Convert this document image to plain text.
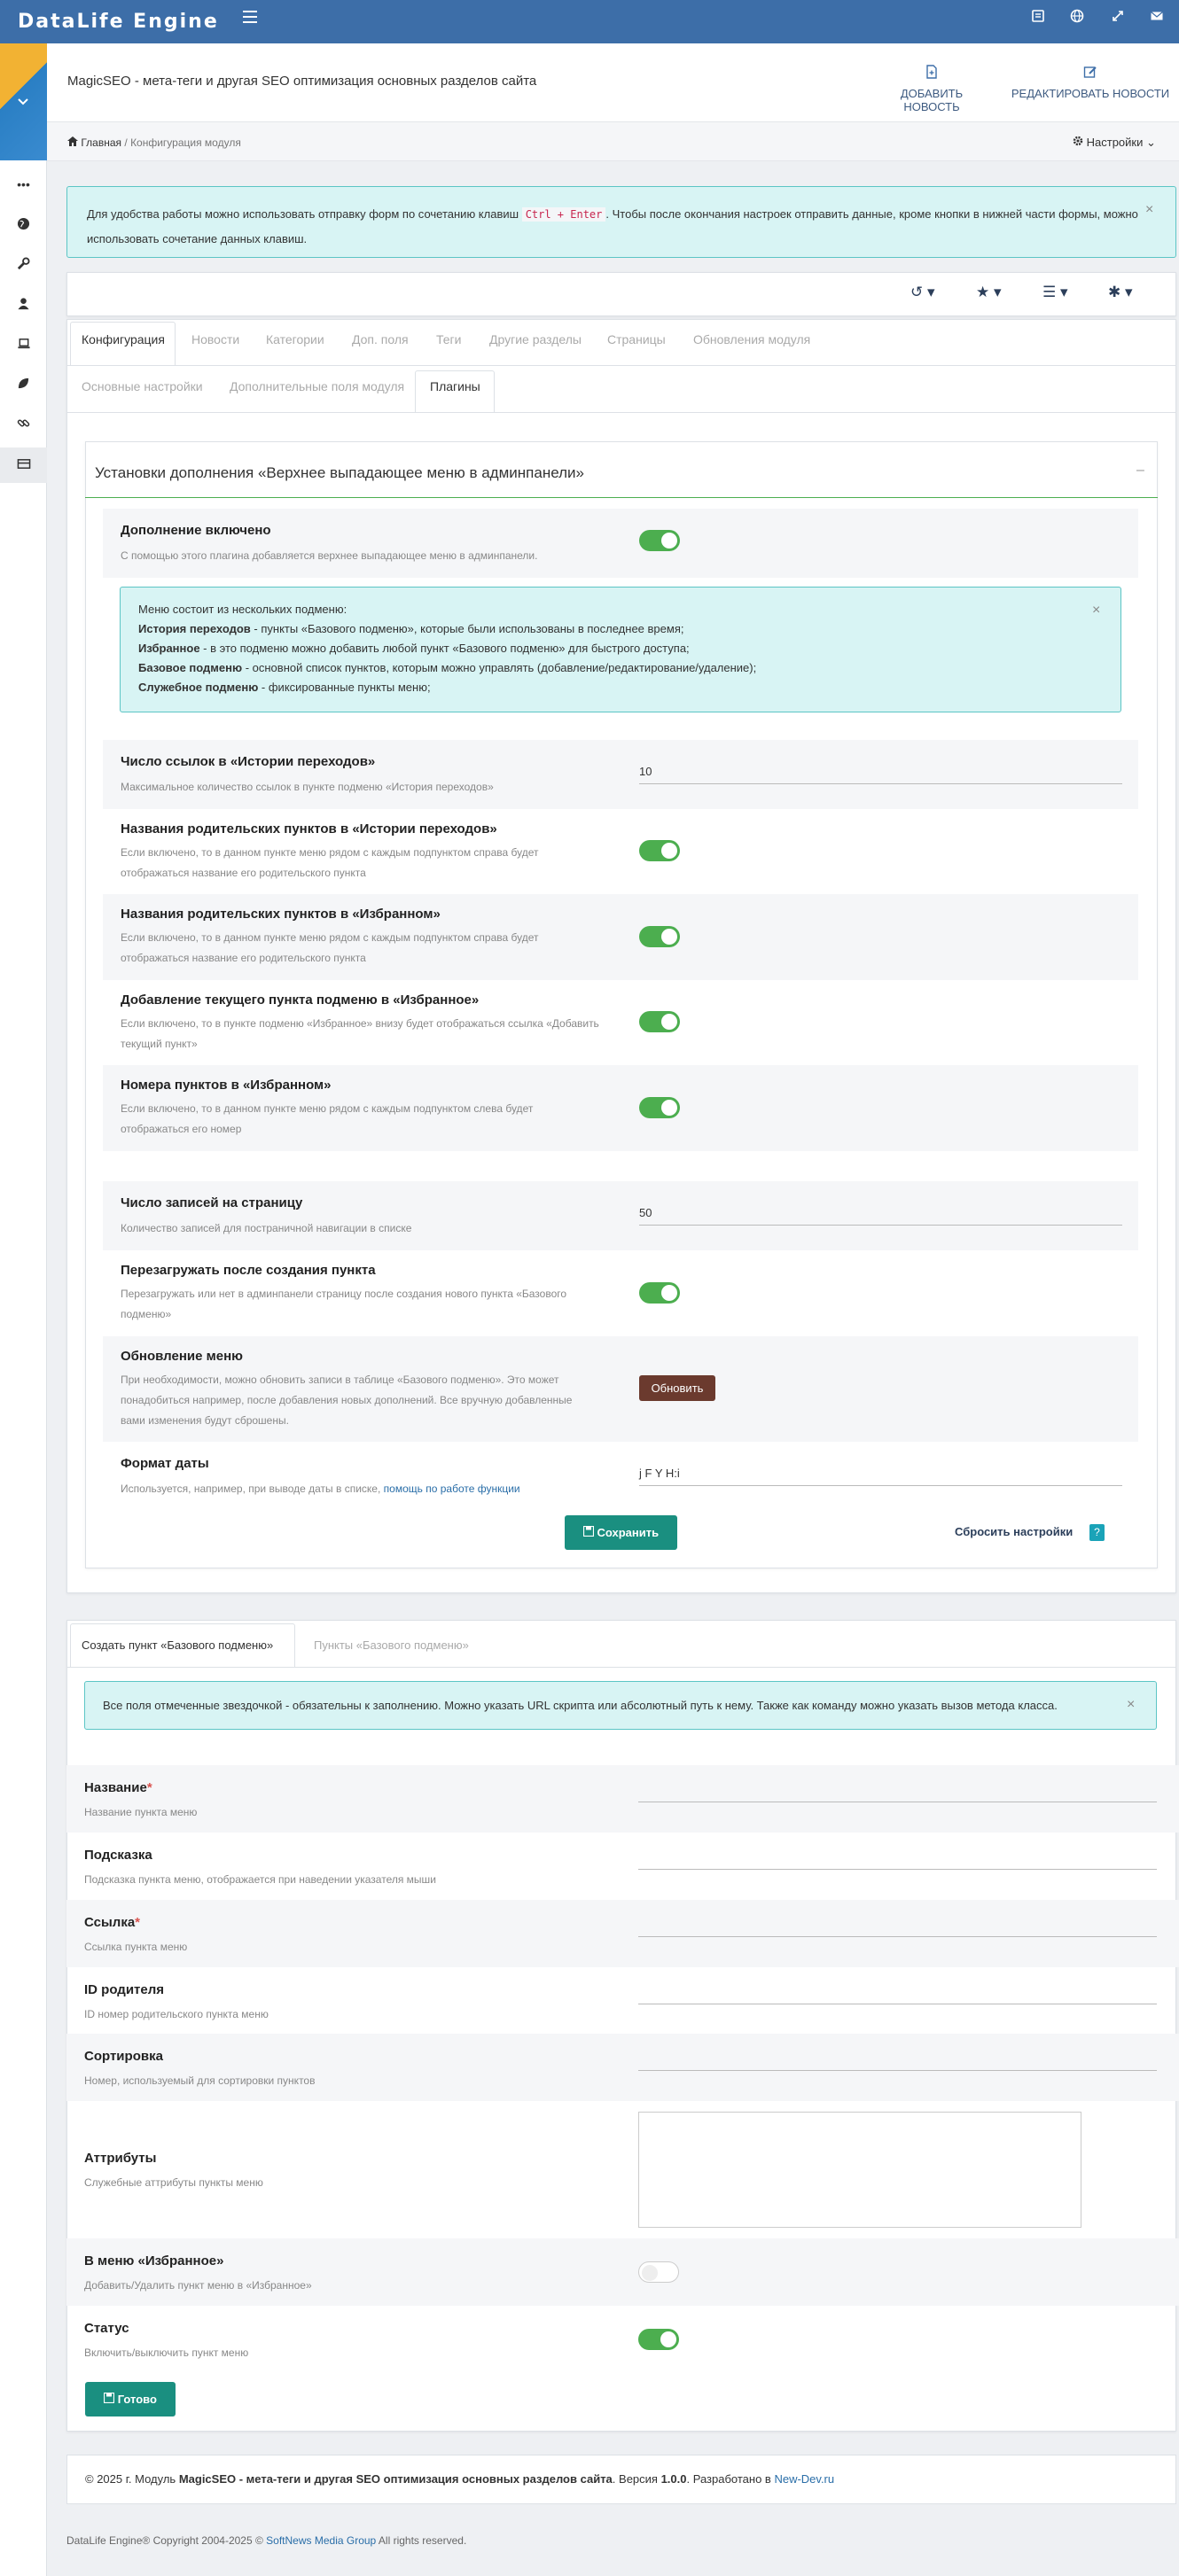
DataLife Engine
•••
MagicSEO - мета-теги и другая SEO оптимизация основных разделов сайта
ДОБАВИТЬ НОВОСТЬ
РЕДАКТИРОВАТЬ НОВОСТИ
Главная / Конфигурация модуля	Настройки ⌄
Для удобства работы можно использовать отправку форм по сочетанию клавиш Ctrl + Enter . Чтобы после окончания настроек отправить данные, кроме кнопки в нижней части формы, можно использовать сочетание данных клавиш.
×
↺ ▾	★ ▾	☰ ▾	✱ ▾
Конфигурация Новости Категории Доп. поля Теги Другие разделы Страницы Обновления модуля
Основные настройки Дополнительные поля модуля Плагины
Установки дополнения «Верхнее выпадающее меню в админпанели»	–
Дополнение включено
С помощью этого плагина добавляется верхнее выпадающее меню в админпанели.
Меню состоит из нескольких подменю:
История переходов - пункты «Базового подменю», которые были использованы в последнее время;
Избранное - в это подменю можно добавить любой пункт «Базового подменю» для быстрого доступа;
Базовое подменю - основной список пунктов, которым можно управлять (добавление/редактирование/удаление);
Служебное подменю - фиксированные пункты меню;
×
Число ссылок в «Истории переходов»
Максимальное количество ссылок в пункте подменю «История переходов»
10
Названия родительских пунктов в «Истории переходов»
Если включено, то в данном пункте меню рядом с каждым подпунктом справа будет отображаться название его родительского пункта
Названия родительских пунктов в «Избранном»
Если включено, то в данном пункте меню рядом с каждым подпунктом справа будет отображаться название его родительского пункта
Добавление текущего пункта подменю в «Избранное»
Если включено, то в пункте подменю «Избранное» внизу будет отображаться ссылка «Добавить текущий пункт»
Номера пунктов в «Избранном»
Если включено, то в данном пункте меню рядом с каждым подпунктом слева будет отображаться его номер
Число записей на страницу
Количество записей для постраничной навигации в списке
50
Перезагружать после создания пункта
Перезагружать или нет в админпанели страницу после создания нового пункта «Базового подменю»
Обновление меню
При необходимости, можно обновить записи в таблице «Базового подменю». Это может понадобиться например, после добавления новых дополнений. Все вручную добавленные вами изменения будут сброшены.
Обновить
Формат даты
Используется, например, при выводе даты в списке, помощь по работе функции
j F Y H:i
Сохранить	Сбросить настройки	?
Создать пункт «Базового подменю»	Пункты «Базового подменю»
Все поля отмеченные звездочкой - обязательны к заполнению. Можно указать URL скрипта или абсолютный путь к нему. Также как команду можно указать вызов метода класса.	×
Название*
Название пункта меню
Подсказка
Подсказка пункта меню, отображается при наведении указателя мыши
Ссылка*
Ссылка пункта меню
ID родителя
ID номер родительского пункта меню
Сортировка
Номер, используемый для сортировки пунктов
Аттрибуты
Служебные аттрибуты пункты меню
В меню «Избранное»
Добавить/Удалить пункт меню в «Избранное»
Статус
Включить/выключить пункт меню
Готово
© 2025 г. Модуль MagicSEO - мета-теги и другая SEO оптимизация основных разделов сайта. Версия 1.0.0. Разработано в New-Dev.ru
DataLife Engine® Copyright 2004-2025 © SoftNews Media Group All rights reserved.
